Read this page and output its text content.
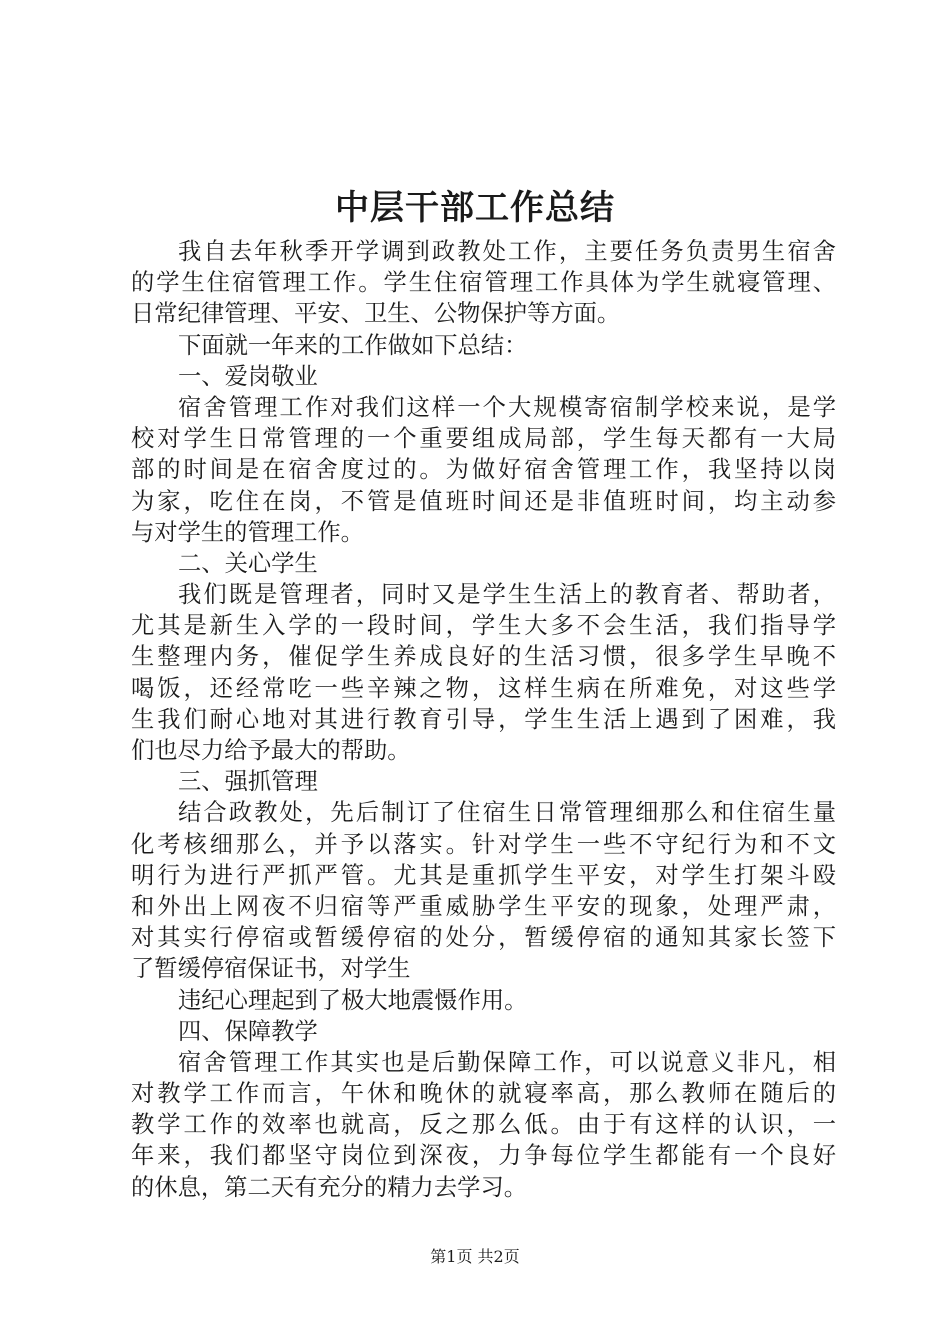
中层干部工作总结
我自去年秋季开学调到政教处工作，主要任务负责男生宿舍
的学生住宿管理工作。学生住宿管理工作具体为学生就寝管理、
日常纪律管理、平安、卫生、公物保护等方面。
下面就一年来的工作做如下总结：
一、爱岗敬业
宿舍管理工作对我们这样一个大规模寄宿制学校来说，是学
校对学生日常管理的一个重要组成局部，学生每天都有一大局
部的时间是在宿舍度过的。为做好宿舍管理工作，我坚持以岗
为家，吃住在岗，不管是值班时间还是非值班时间，均主动参
与对学生的管理工作。
二、关心学生
我们既是管理者，同时又是学生生活上的教育者、帮助者，
尤其是新生入学的一段时间，学生大多不会生活，我们指导学
生整理内务，催促学生养成良好的生活习惯，很多学生早晚不
喝饭，还经常吃一些辛辣之物，这样生病在所难免，对这些学
生我们耐心地对其进行教育引导，学生生活上遇到了困难，我
们也尽力给予最大的帮助。
三、强抓管理
结合政教处，先后制订了住宿生日常管理细那么和住宿生量
化考核细那么，并予以落实。针对学生一些不守纪行为和不文
明行为进行严抓严管。尤其是重抓学生平安，对学生打架斗殴
和外出上网夜不归宿等严重威胁学生平安的现象，处理严肃，
对其实行停宿或暂缓停宿的处分，暂缓停宿的通知其家长签下
了暂缓停宿保证书，对学生
违纪心理起到了极大地震慑作用。
四、保障教学
宿舍管理工作其实也是后勤保障工作，可以说意义非凡，相
对教学工作而言，午休和晚休的就寝率高，那么教师在随后的
教学工作的效率也就高，反之那么低。由于有这样的认识，一
年来，我们都坚守岗位到深夜，力争每位学生都能有一个良好
的休息，第二天有充分的精力去学习。
第1页 共2页
